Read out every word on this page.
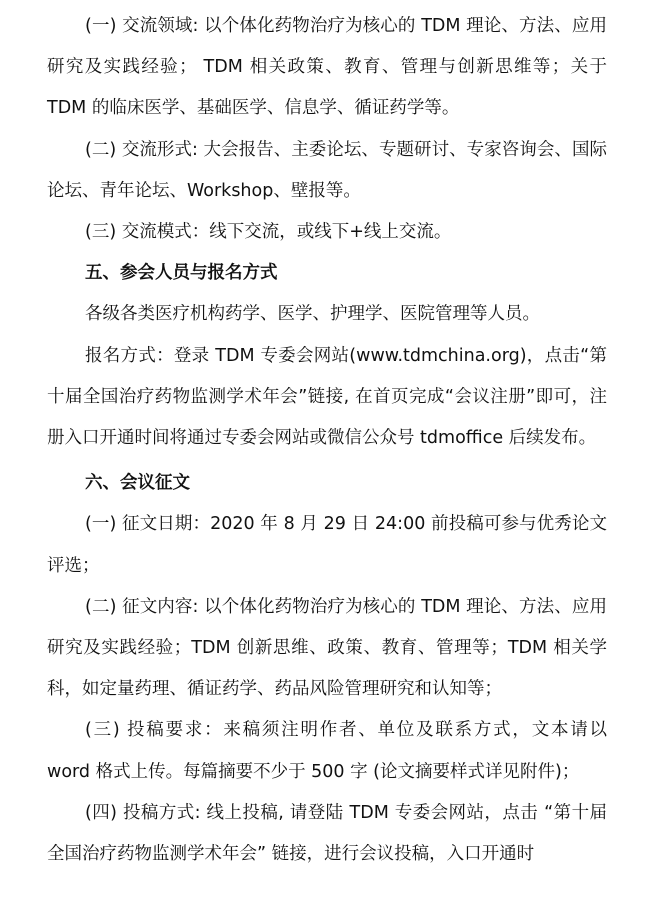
(一) 交流领域: 以个体化药物治疗为核心的 TDM 理论、方法、应用研究及实践经验； TDM 相关政策、教育、管理与创新思维等；关于 TDM 的临床医学、基础医学、信息学、循证药学等。

(二) 交流形式: 大会报告、主委论坛、专题研讨、专家咨询会、国际论坛、青年论坛、Workshop、壁报等。

(三) 交流模式：线下交流，或线下+线上交流。

五、参会人员与报名方式

各级各类医疗机构药学、医学、护理学、医院管理等人员。

报名方式：登录 TDM 专委会网站(www.tdmchina.org)，点击“第十届全国治疗药物监测学术年会”链接, 在首页完成“会议注册”即可，注册入口开通时间将通过专委会网站或微信公众号 tdmoffice 后续发布。

六、会议征文

(一) 征文日期：2020 年 8 月 29 日 24:00 前投稿可参与优秀论文评选；

(二) 征文内容: 以个体化药物治疗为核心的 TDM 理论、方法、应用研究及实践经验；TDM 创新思维、政策、教育、管理等；TDM 相关学科，如定量药理、循证药学、药品风险管理研究和认知等；

(三) 投稿要求：来稿须注明作者、单位及联系方式，文本请以 word 格式上传。每篇摘要不少于 500 字 (论文摘要样式详见附件)；

(四) 投稿方式: 线上投稿, 请登陆 TDM 专委会网站，点击 “第十届全国治疗药物监测学术年会” 链接，进行会议投稿，入口开通时
